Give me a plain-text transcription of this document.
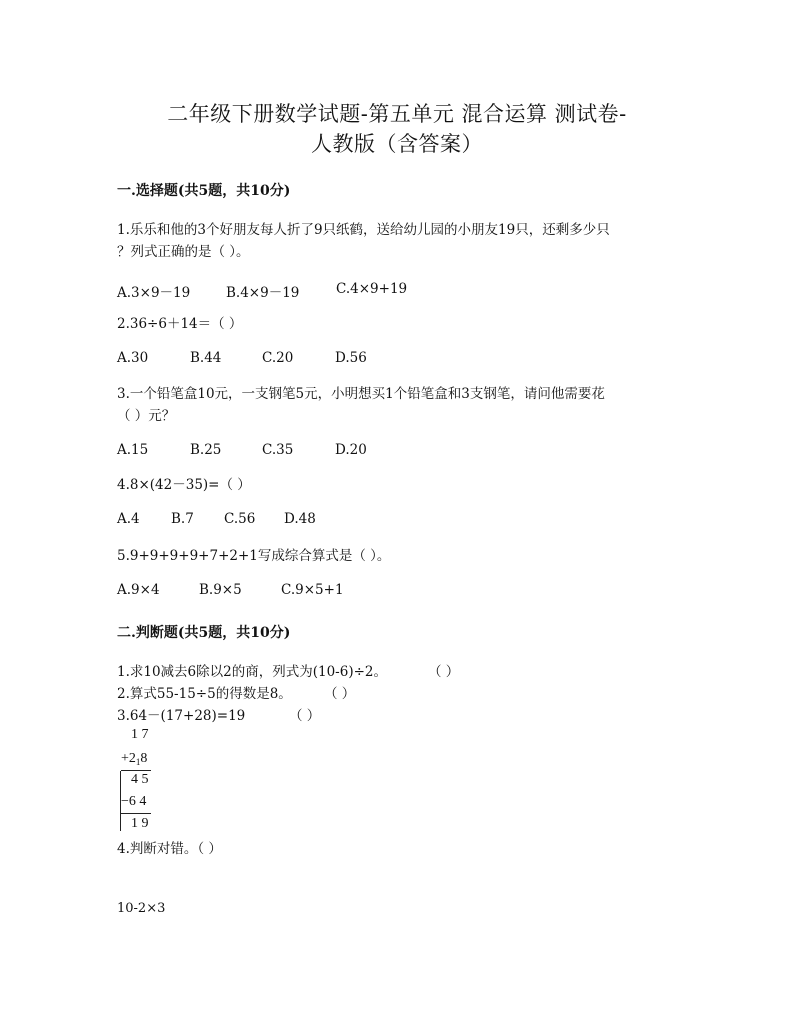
二年级下册数学试题-第五单元 混合运算 测试卷-
人教版（含答案）
一.选择题(共5题，共10分)
1.乐乐和他的3个好朋友每人折了9只纸鹤，送给幼儿园的小朋友19只，还剩多少只
？列式正确的是（ ）。
A.3×9－19	B.4×9－19	C.4×9+19
2.36÷6＋14＝（ ）
A.30	B.44	C.20	D.56
3.一个铅笔盒10元，一支钢笔5元，小明想买1个铅笔盒和3支钢笔，请问他需要花
（ ）元？
A.15	B.25	C.35	D.20
4.8×(42－35)=（ ）
A.4	B.7	C.56	D.48
5.9+9+9+9+7+2+1写成综合算式是（ ）。
A.9×4	B.9×5	C.9×5+1
二.判断题(共5题，共10分)
1.求10减去6除以2的商，列式为(10-6)÷2。	（ ）
2.算式55-15÷5的得数是8。 （ ）
3.64－(17+28)=19	（ ）
1 7
$+2_18$
4 5
−6 4
1 9
4.判断对错。（ ）
10-2×3
